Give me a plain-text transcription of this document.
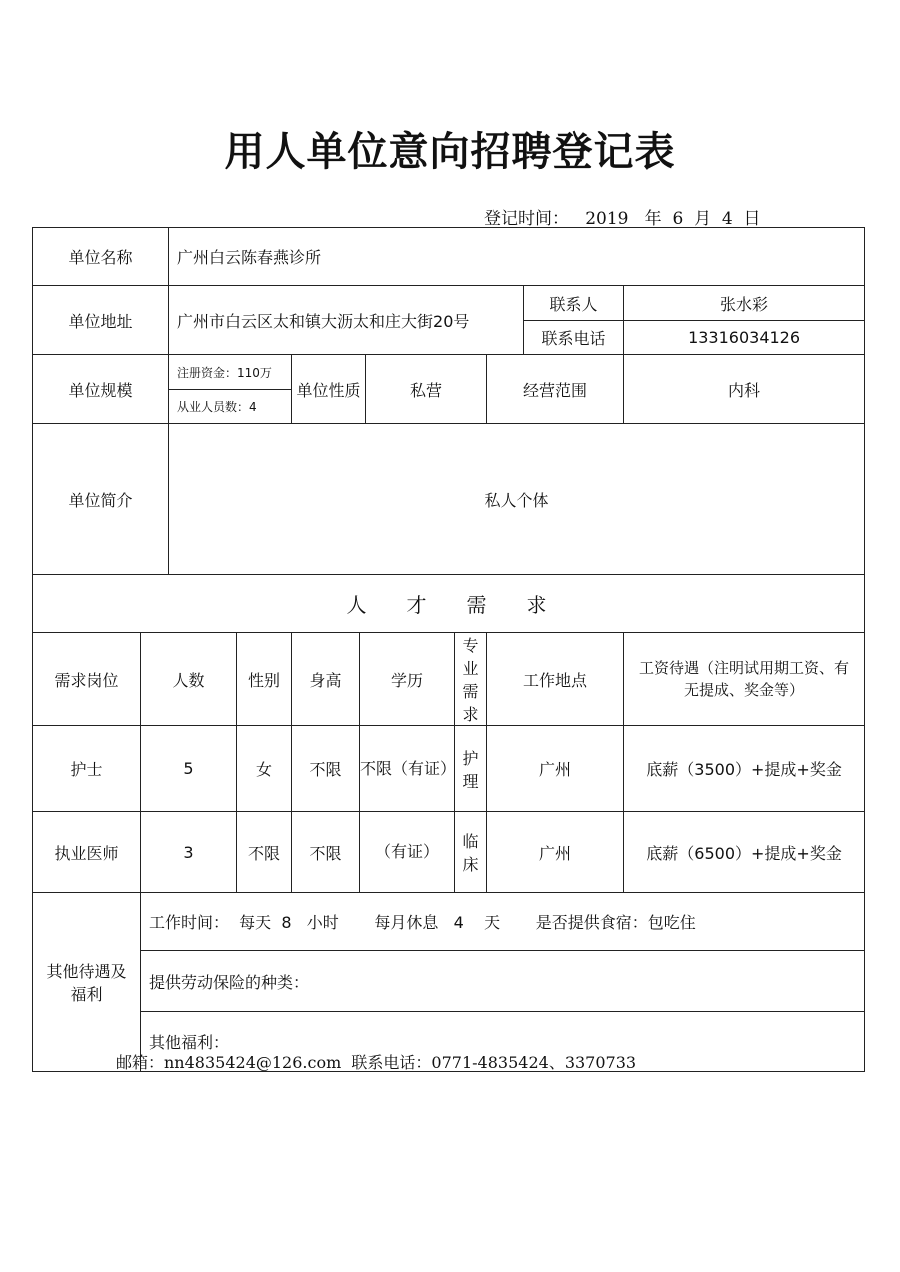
用人单位意向招聘登记表
登记时间：   2019   年  6  月  4  日
单位名称		广州白云陈春燕诊所								
单位地址		广州市白云区太和镇大沥太和庄大街20号							联系人	张水彩
									联系电话	13316034126
单位规模		注册资金：110万		单位性质		私营		经营范围		内科
		从业人员数：4								
单位简介		私人个体								
人才需求										
需求岗位	人数		性别	身高	学历		专业需求	工作地点		工资待遇（注明试用期工资、有无提成、奖金等）
护士	5		女	不限	不限（有证）		护理	广州		底薪（3500）+提成+奖金
执业医师	3		不限	不限	（有证）		临床	广州		底薪（6500）+提成+奖金
其他待遇及福利	工作时间：  每天  8   小时       每月休息   4    天       是否提供食宿：包吃住									
	提供劳动保险的种类：									
	其他福利：									
邮箱：nn4835424@126.com  联系电话：0771-4835424、3370733
